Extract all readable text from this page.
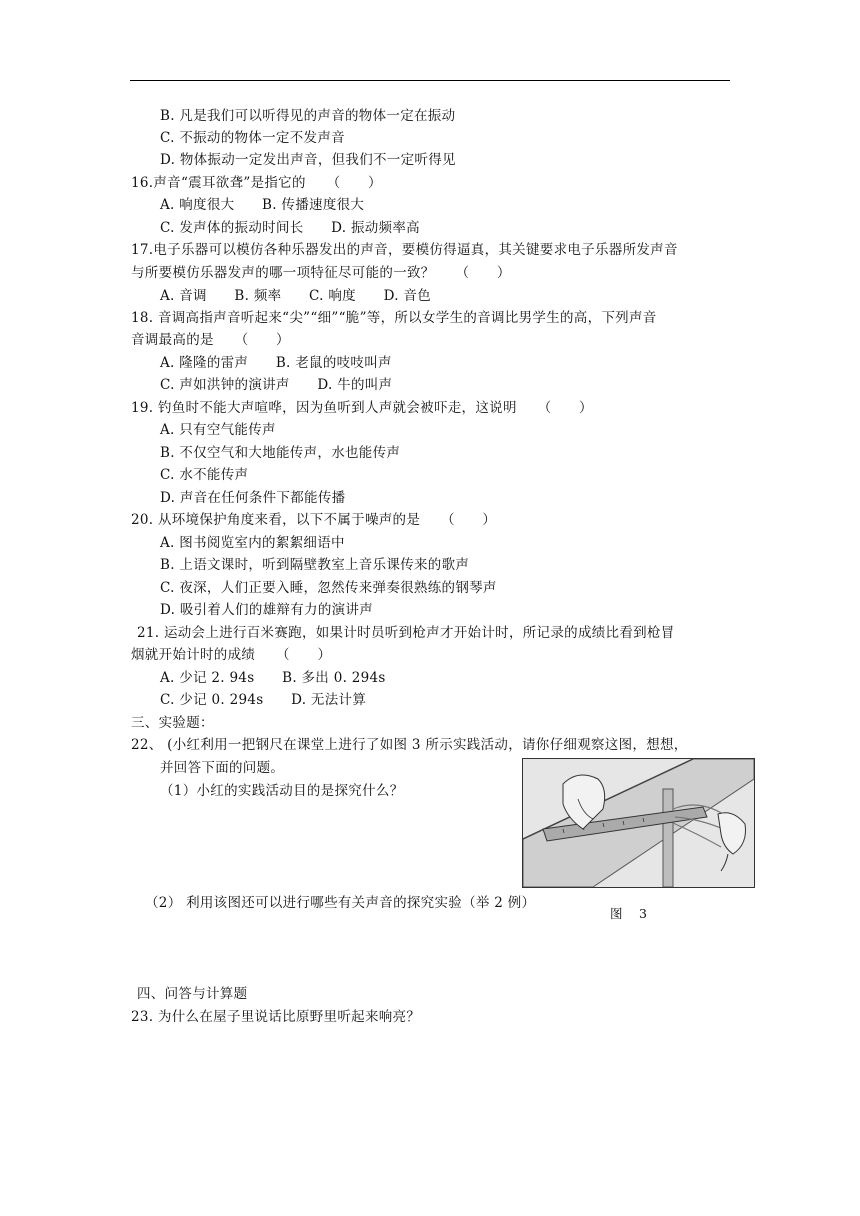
B. 凡是我们可以听得见的声音的物体一定在振动
C. 不振动的物体一定不发声音
D. 物体振动一定发出声音，但我们不一定听得见
16.声音“震耳欲聋”是指它的　　（　　）
A. 响度很大　　B. 传播速度很大
C. 发声体的振动时间长　　D. 振动频率高
17.电子乐器可以模仿各种乐器发出的声音，要模仿得逼真，其关键要求电子乐器所发声音
与所要模仿乐器发声的哪一项特征尽可能的一致？　　（　　）
A. 音调　　B. 频率　　C. 响度　　D. 音色
18. 音调高指声音听起来“尖”“细”“脆”等，所以女学生的音调比男学生的高，下列声音
音调最高的是　　（　　）
A. 隆隆的雷声　　B. 老鼠的吱吱叫声
C. 声如洪钟的演讲声　　D. 牛的叫声
19. 钓鱼时不能大声喧哗，因为鱼听到人声就会被吓走，这说明　　（　　）
A. 只有空气能传声
B. 不仅空气和大地能传声，水也能传声
C. 水不能传声
D. 声音在任何条件下都能传播
20. 从环境保护角度来看，以下不属于噪声的是　　（　　）
A. 图书阅览室内的絮絮细语中
B. 上语文课时，听到隔壁教室上音乐课传来的歌声
C. 夜深，人们正要入睡，忽然传来弹奏很熟练的钢琴声
D. 吸引着人们的雄辩有力的演讲声
21. 运动会上进行百米赛跑，如果计时员听到枪声才开始计时，所记录的成绩比看到枪冒
烟就开始计时的成绩　　（　　）
A. 少记 2. 94s　　B. 多出 0. 294s
C. 少记 0. 294s　　D. 无法计算
三、实验题：
22、 (小红利用一把钢尺在课堂上进行了如图 3 所示实践活动，请你仔细观察这图，想想，
并回答下面的问题。
（1）小红的实践活动目的是探究什么？
（2） 利用该图还可以进行哪些有关声音的探究实验（举 2 例）
图　 3
四、问答与计算题
23. 为什么在屋子里说话比原野里听起来响亮？
